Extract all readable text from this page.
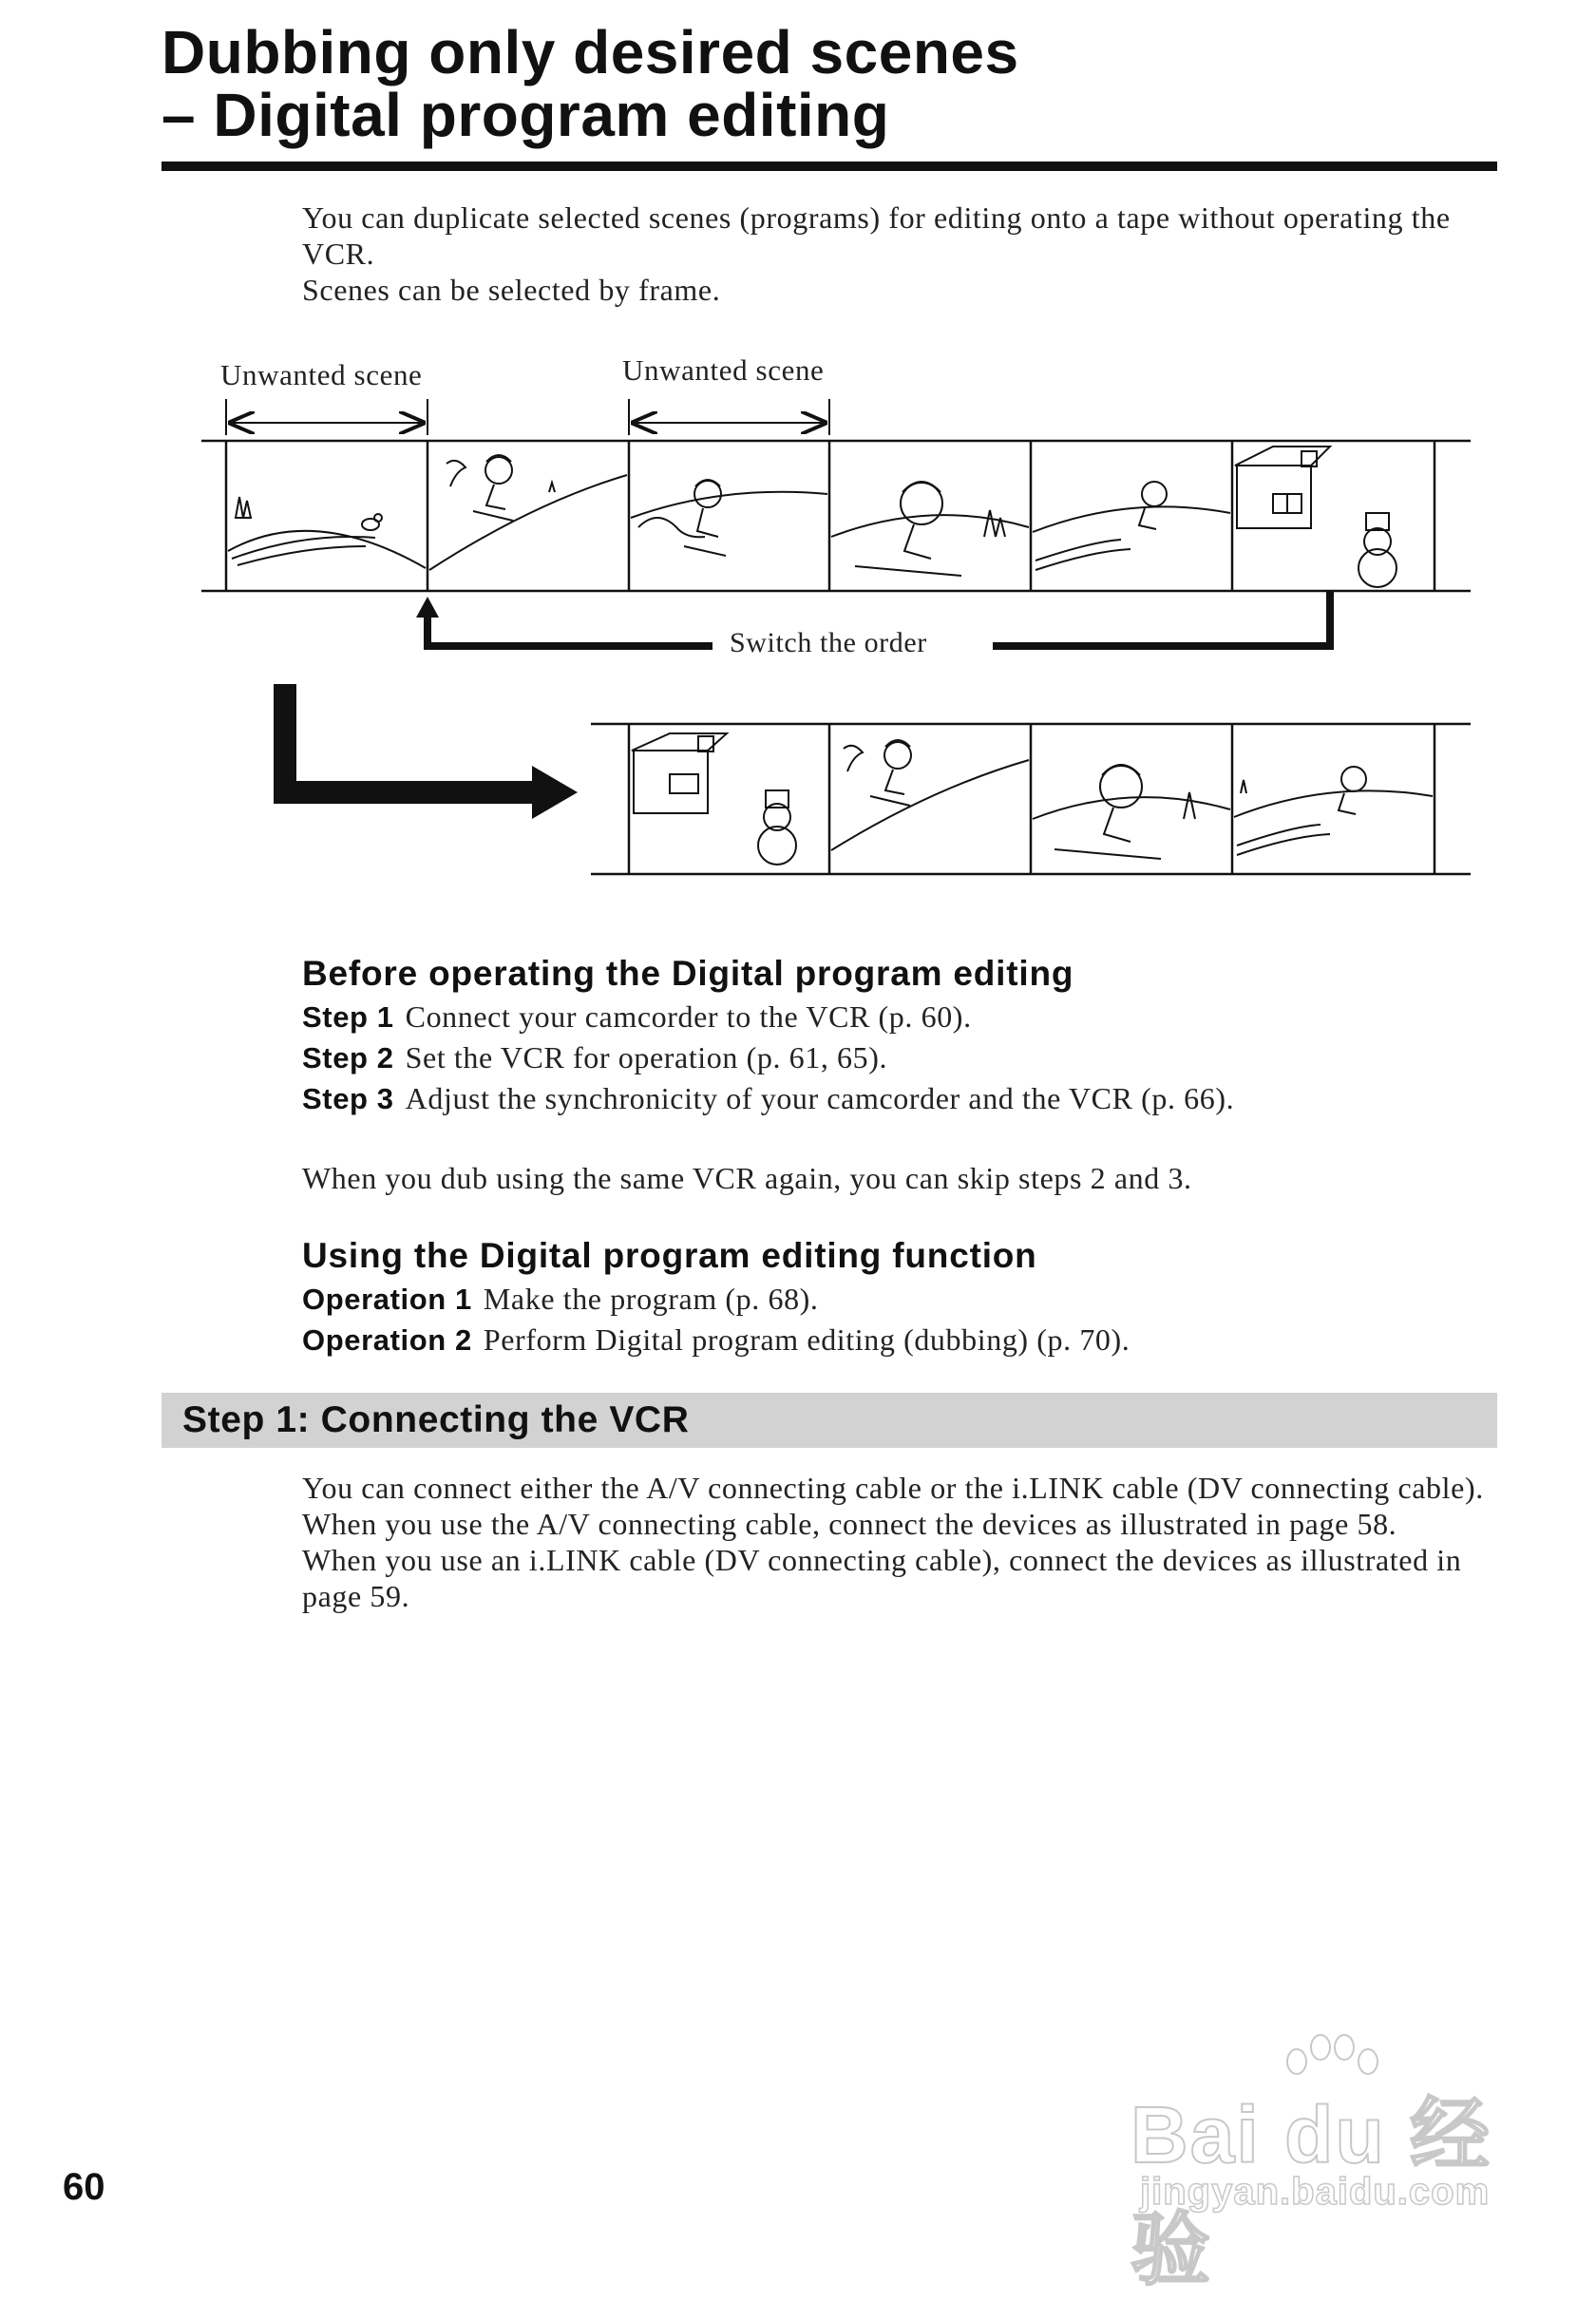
Dubbing only desired scenes
– Digital program editing
You can duplicate selected scenes (programs) for editing onto a tape without operating the VCR.
Scenes can be selected by frame.
Unwanted scene	Unwanted scene
Switch the order
Before operating the Digital program editing
Step 1 Connect your camcorder to the VCR (p. 60).
Step 2 Set the VCR for operation (p. 61, 65).
Step 3 Adjust the synchronicity of your camcorder and the VCR (p. 66).
When you dub using the same VCR again, you can skip steps 2 and 3.
Using the Digital program editing function
Operation 1 Make the program (p. 68).
Operation 2 Perform Digital program editing (dubbing) (p. 70).
Step 1: Connecting the VCR
You can connect either the A/V connecting cable or the i.LINK cable (DV connecting cable).
When you use the A/V connecting cable, connect the devices as illustrated in page 58.
When you use an i.LINK cable (DV connecting cable), connect the devices as illustrated in page 59.
60
Bai du 经验
jingyan.baidu.com
